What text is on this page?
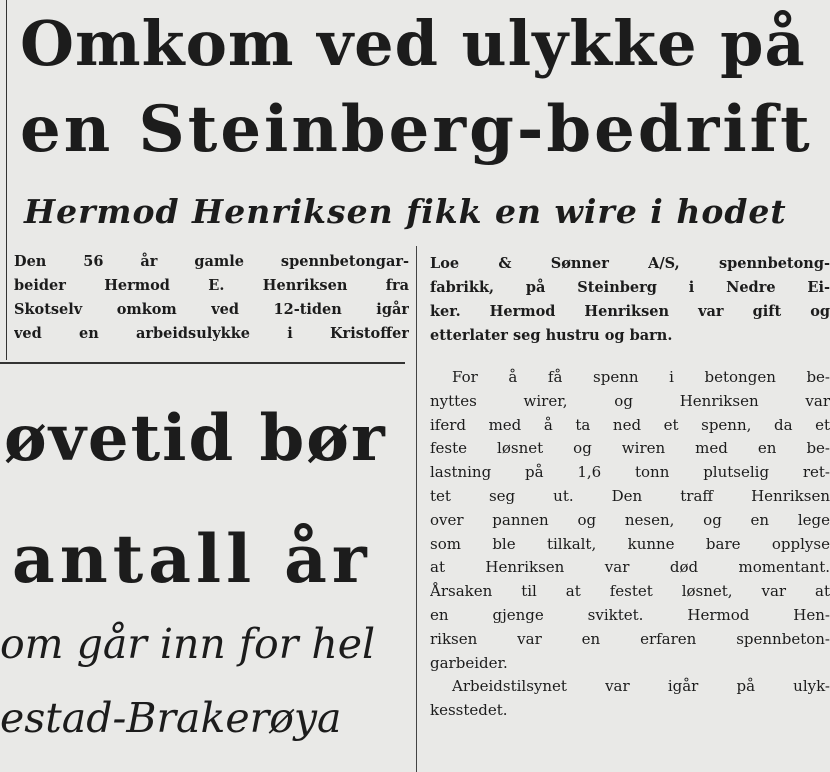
Omkom ved ulykke på
en Steinberg-bedrift
Hermod Henriksen fikk en wire i hodet
Den 56 år gamle spennbetongar-
beider Hermod E. Henriksen fra
Skotselv omkom ved 12-tiden igår
ved en arbeidsulykke i Kristoffer
Loe & Sønner A/S, spennbetong-
fabrikk, på Steinberg i Nedre Ei-
ker. Hermod Henriksen var gift og
etterlater seg hustru og barn.
For å få spenn i betongen be-
nyttes wirer, og Henriksen var
iferd med å ta ned et spenn, da et
feste løsnet og wiren med en be-
lastning på 1,6 tonn plutselig ret-
tet seg ut. Den traff Henriksen
over pannen og nesen, og en lege
som ble tilkalt, kunne bare opplyse
at Henriksen var død momentant.
Årsaken til at festet løsnet, var at
en gjenge sviktet. Hermod Hen-
riksen var en erfaren spennbeton-
garbeider.
Arbeidstilsynet var igår på ulyk-
kesstedet.
øvetid bør
antall år
om går inn for hel
estad-Brakerøya
